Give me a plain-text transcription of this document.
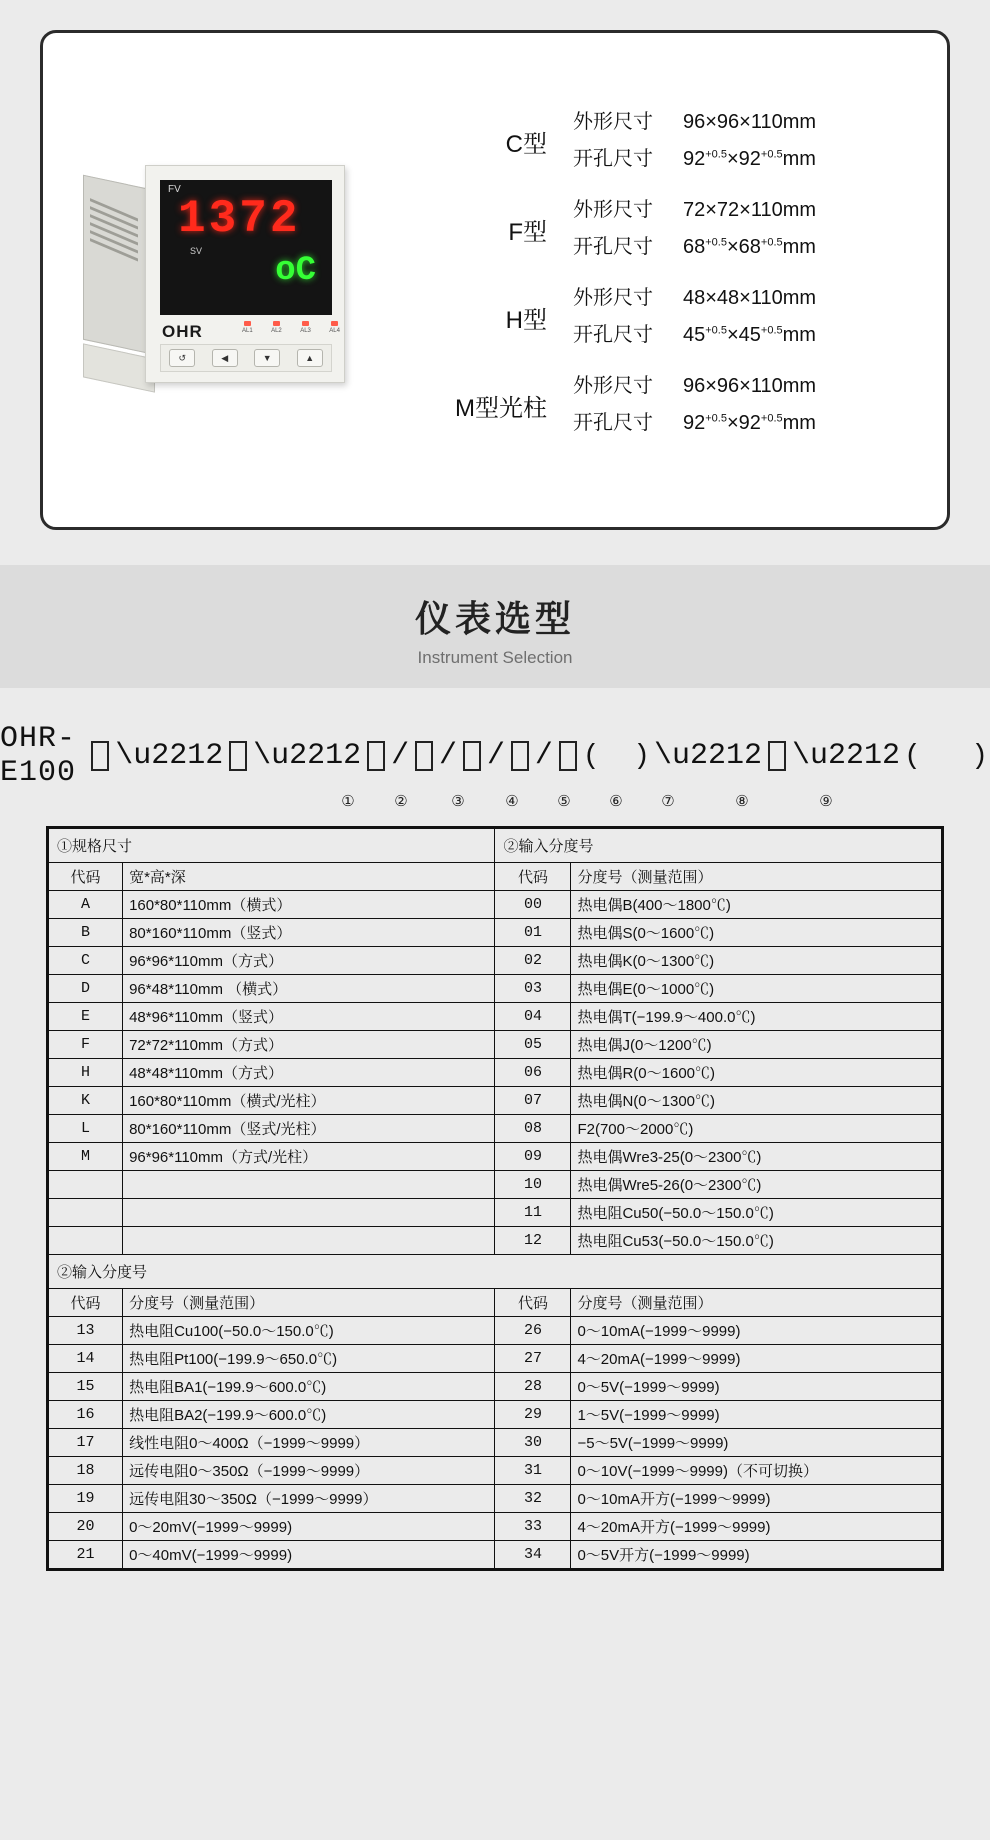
FV
1372
SV
oC
OHR	AL1	AL2	AL3	AL4
↺	◀	▼	▲
C型
外形尺寸 96×96×110mm
开孔尺寸 $92^{+0.5}\times 92^{+0.5}mm$
F型
外形尺寸 72×72×110mm
开孔尺寸 $68^{+0.5}\times 68^{+0.5}mm$
H型
外形尺寸 48×48×110mm
开孔尺寸 $45^{+0.5}\times 45^{+0.5}mm$
M型光柱
外形尺寸 96×96×110mm
开孔尺寸 $92^{+0.5}\times 92^{+0.5}mm$
仪表选型
Instrument Selection
OHR-E100 \u2212 \u2212 / / / / (  ) \u2212 \u2212 (   )
①	②	③	④	⑤	⑥	⑦	⑧	⑨
①规格尺寸		②输入分度号	
代码	宽*高*深	代码	分度号（测量范围）
A	160*80*110mm（横式）	00	热电偶B(400～1800℃)
B	80*160*110mm（竖式）	01	热电偶S(0～1600℃)
C	96*96*110mm（方式）	02	热电偶K(0～1300℃)
D	96*48*110mm （横式）	03	热电偶E(0～1000℃)
E	48*96*110mm（竖式）	04	热电偶T(−199.9～400.0℃)
F	72*72*110mm（方式）	05	热电偶J(0～1200℃)
H	48*48*110mm（方式）	06	热电偶R(0～1600℃)
K	160*80*110mm（横式/光柱）	07	热电偶N(0～1300℃)
L	80*160*110mm（竖式/光柱）	08	F2(700～2000℃)
M	96*96*110mm（方式/光柱）	09	热电偶Wre3-25(0～2300℃)
		10	热电偶Wre5-26(0～2300℃)
		11	热电阻Cu50(−50.0～150.0℃)
		12	热电阻Cu53(−50.0～150.0℃)
②输入分度号			
代码	分度号（测量范围）	代码	分度号（测量范围）
13	热电阻Cu100(−50.0～150.0℃)	26	0～10mA(−1999～9999)
14	热电阻Pt100(−199.9～650.0℃)	27	4～20mA(−1999～9999)
15	热电阻BA1(−199.9～600.0℃)	28	0～5V(−1999～9999)
16	热电阻BA2(−199.9～600.0℃)	29	1～5V(−1999～9999)
17	线性电阻0～400Ω（−1999～9999）	30	−5～5V(−1999～9999)
18	远传电阻0～350Ω（−1999～9999）	31	0～10V(−1999～9999)（不可切换）
19	远传电阻30～350Ω（−1999～9999）	32	0～10mA开方(−1999～9999)
20	0～20mV(−1999～9999)	33	4～20mA开方(−1999～9999)
21	0～40mV(−1999～9999)	34	0～5V开方(−1999～9999)
